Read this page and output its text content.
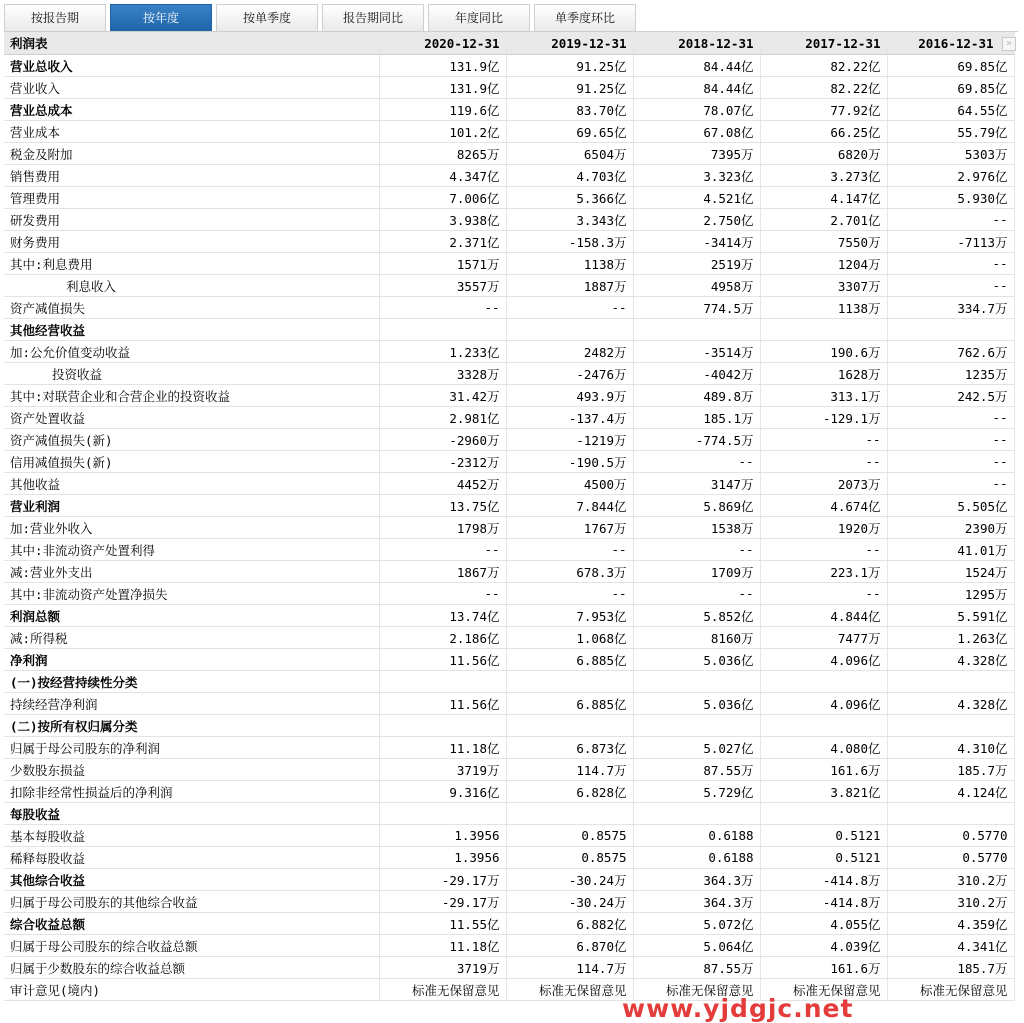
按报告期	按年度	按单季度	报告期同比	年度同比	单季度环比
利润表	2020-12-31	2019-12-31	2018-12-31	2017-12-31	2016-12-31
营业总收入	131.9亿	91.25亿	84.44亿	82.22亿	69.85亿
营业收入	131.9亿	91.25亿	84.44亿	82.22亿	69.85亿
营业总成本	119.6亿	83.70亿	78.07亿	77.92亿	64.55亿
营业成本	101.2亿	69.65亿	67.08亿	66.25亿	55.79亿
税金及附加	8265万	6504万	7395万	6820万	5303万
销售费用	4.347亿	4.703亿	3.323亿	3.273亿	2.976亿
管理费用	7.006亿	5.366亿	4.521亿	4.147亿	5.930亿
研发费用	3.938亿	3.343亿	2.750亿	2.701亿	--
财务费用	2.371亿	-158.3万	-3414万	7550万	-7113万
其中:利息费用	1571万	1138万	2519万	1204万	--
利息收入	3557万	1887万	4958万	3307万	--
资产减值损失	--	--	774.5万	1138万	334.7万
其他经营收益					
加:公允价值变动收益	1.233亿	2482万	-3514万	190.6万	762.6万
投资收益	3328万	-2476万	-4042万	1628万	1235万
其中:对联营企业和合营企业的投资收益	31.42万	493.9万	489.8万	313.1万	242.5万
资产处置收益	2.981亿	-137.4万	185.1万	-129.1万	--
资产减值损失(新)	-2960万	-1219万	-774.5万	--	--
信用减值损失(新)	-2312万	-190.5万	--	--	--
其他收益	4452万	4500万	3147万	2073万	--
营业利润	13.75亿	7.844亿	5.869亿	4.674亿	5.505亿
加:营业外收入	1798万	1767万	1538万	1920万	2390万
其中:非流动资产处置利得	--	--	--	--	41.01万
减:营业外支出	1867万	678.3万	1709万	223.1万	1524万
其中:非流动资产处置净损失	--	--	--	--	1295万
利润总额	13.74亿	7.953亿	5.852亿	4.844亿	5.591亿
减:所得税	2.186亿	1.068亿	8160万	7477万	1.263亿
净利润	11.56亿	6.885亿	5.036亿	4.096亿	4.328亿
(一)按经营持续性分类					
持续经营净利润	11.56亿	6.885亿	5.036亿	4.096亿	4.328亿
(二)按所有权归属分类					
归属于母公司股东的净利润	11.18亿	6.873亿	5.027亿	4.080亿	4.310亿
少数股东损益	3719万	114.7万	87.55万	161.6万	185.7万
扣除非经常性损益后的净利润	9.316亿	6.828亿	5.729亿	3.821亿	4.124亿
每股收益					
基本每股收益	1.3956	0.8575	0.6188	0.5121	0.5770
稀释每股收益	1.3956	0.8575	0.6188	0.5121	0.5770
其他综合收益	-29.17万	-30.24万	364.3万	-414.8万	310.2万
归属于母公司股东的其他综合收益	-29.17万	-30.24万	364.3万	-414.8万	310.2万
综合收益总额	11.55亿	6.882亿	5.072亿	4.055亿	4.359亿
归属于母公司股东的综合收益总额	11.18亿	6.870亿	5.064亿	4.039亿	4.341亿
归属于少数股东的综合收益总额	3719万	114.7万	87.55万	161.6万	185.7万
审计意见(境内)	标准无保留意见	标准无保留意见	标准无保留意见	标准无保留意见	标准无保留意见
»
www.yjdgjc.net
